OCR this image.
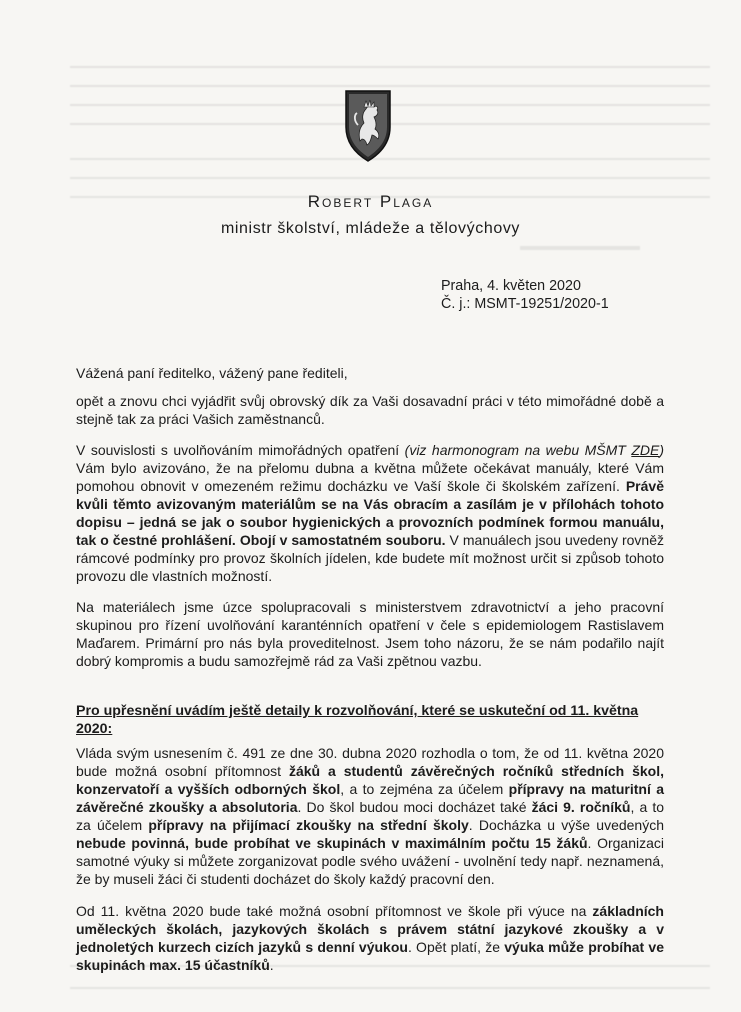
Robert Plaga
ministr školství, mládeže a tělovýchovy
Praha, 4. květen 2020
Č. j.: MSMT-19251/2020-1

Vážená paní ředitelko, vážený pane řediteli,

opět a znovu chci vyjádřit svůj obrovský dík za Vaši dosavadní práci v této mimořádné době a stejně tak za práci Vašich zaměstnanců.

V souvislosti s uvolňováním mimořádných opatření (viz harmonogram na webu MŠMT ZDE) Vám bylo avizováno, že na přelomu dubna a května můžete očekávat manuály, které Vám pomohou obnovit v omezeném režimu docházku ve Vaší škole či školském zařízení. Právě kvůli těmto avizovaným materiálům se na Vás obracím a zasílám je v přílohách tohoto dopisu – jedná se jak o soubor hygienických a provozních podmínek formou manuálu, tak o čestné prohlášení. Obojí v samostatném souboru. V manuálech jsou uvedeny rovněž rámcové podmínky pro provoz školních jídelen, kde budete mít možnost určit si způsob tohoto provozu dle vlastních možností.

Na materiálech jsme úzce spolupracovali s ministerstvem zdravotnictví a jeho pracovní skupinou pro řízení uvolňování karanténních opatření v čele s epidemiologem Rastislavem Maďarem. Primární pro nás byla proveditelnost. Jsem toho názoru, že se nám podařilo najít dobrý kompromis a budu samozřejmě rád za Vaši zpětnou vazbu.

Pro upřesnění uvádím ještě detaily k rozvolňování, které se uskuteční od 11. května 2020:

Vláda svým usnesením č. 491 ze dne 30. dubna 2020 rozhodla o tom, že od 11. května 2020 bude možná osobní přítomnost žáků a studentů závěrečných ročníků středních škol, konzervatoří a vyšších odborných škol, a to zejména za účelem přípravy na maturitní a závěrečné zkoušky a absolutoria. Do škol budou moci docházet také žáci 9. ročníků, a to za účelem přípravy na přijímací zkoušky na střední školy. Docházka u výše uvedených nebude povinná, bude probíhat ve skupinách v maximálním počtu 15 žáků. Organizaci samotné výuky si můžete zorganizovat podle svého uvážení - uvolnění tedy např. neznamená, že by museli žáci či studenti docházet do školy každý pracovní den.

Od 11. května 2020 bude také možná osobní přítomnost ve škole při výuce na základních uměleckých školách, jazykových školách s právem státní jazykové zkoušky a v jednoletých kurzech cizích jazyků s denní výukou. Opět platí, že výuka může probíhat ve skupinách max. 15 účastníků.
